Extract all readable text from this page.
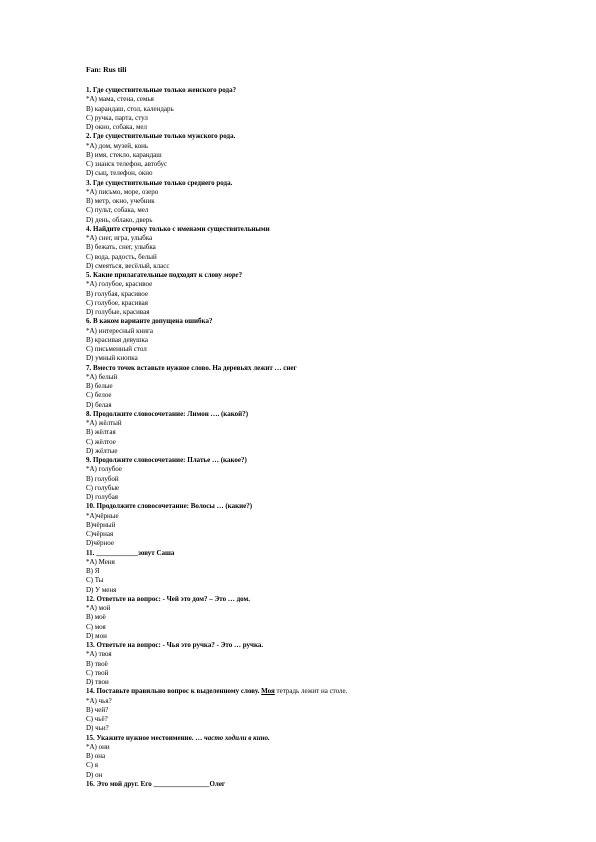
Fan: Rus tili
1. Где существительные только женского рода?
*А) мама, стена, семья
В) карандаш, стол, календарь
С) ручка, парта, стул
D) окно, собака, мел
2. Где существительные только мужского рода.
*А) дом, музей, конь
В) имя, стекло, карандаш
С) знанск телефон, автобус
D) сыц, телефон, окно
3. Где существительные только среднего рода.
*А) письмо, море, озеро
В) метр, окно, учебник
С) пульт, собака, мел
D) день, облако, дверь
4. Найдите строчку только с именами существительными
*А) снег, игра, улыбка
В) бежать, снег, улыбка
С) вода, радость, белый
D) смеяться, весёлый, класс
5. Какие прилагательные подходят к слову море?
*А) голубое, красивое
В) голубая, красивое
С) голубое, красивая
D) голубые, красивая
6. В каком варианте допущена ошибка?
*А) интересный книга
В) красивая девушка
С) письменный стол
D) умный кнопка
7. Вместо точек вставьте нужное слово. На деревьях лежит … снег
*А) белый
В) белые
С) белое
D) белая
8. Продолжите словосочетание: Лимон …. (какой?)
*А) жёлтый
В) жёлтая
С) жёлтое
D) жёлтые
9. Продолжите словосочетание: Платье … (какое?)
*А) голубое
В) голубой
С) голубые
D) голубая
10. Продолжите словосочетание: Волосы … (какие?)
*А)чёрные
В)чёрный
С)чёрная
D)чёрное
11. ____________зовут Саша
*А) Меня
В) Я
С) Ты
D) У меня
12. Ответьте на вопрос: - Чей это дом? – Это … дом.
*А) мой
В) моё
С) моя
D) мои
13. Ответьте на вопрос: - Чья это ручка? - Это … ручка.
*А) твоя
В) твоё
С) твой
D) твои
14. Поставьте правильно вопрос к выделенному слову. Моя тетрадь лежит на столе.
*А) чья?
В) чей?
С) чьё?
D) чьи?
15. Укажите нужное местоимение. … часто ходили в кино.
*А) они
В) она
С) я
D) он
16. Это мой друг. Его ________________Олег
